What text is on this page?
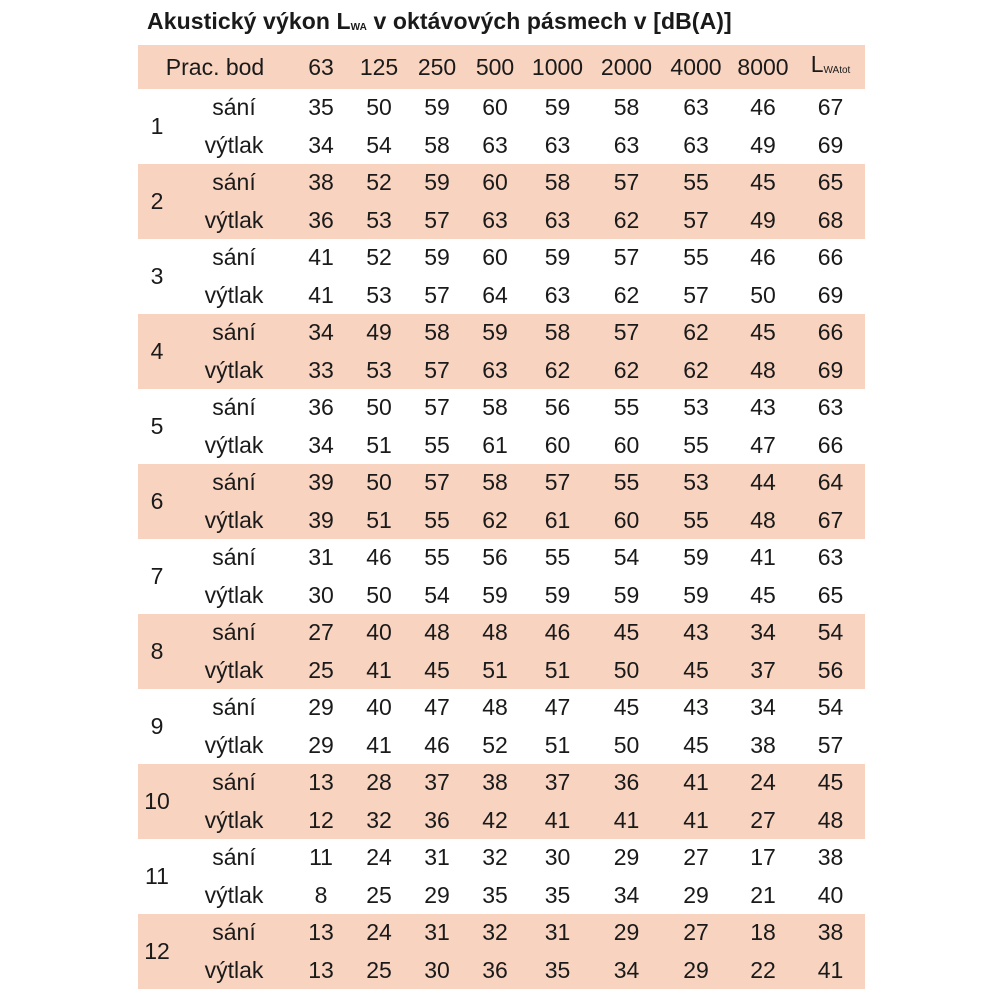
Akustický výkon $L_{WA}$ v oktávových pásmech v [dB(A)]
Prac. bod		63	125	250	500	1000	2000	4000	8000	$L_{WAtot}$
1	sání	35	50	59	60	59	58	63	46	67
	výtlak	34	54	58	63	63	63	63	49	69
2	sání	38	52	59	60	58	57	55	45	65
	výtlak	36	53	57	63	63	62	57	49	68
3	sání	41	52	59	60	59	57	55	46	66
	výtlak	41	53	57	64	63	62	57	50	69
4	sání	34	49	58	59	58	57	62	45	66
	výtlak	33	53	57	63	62	62	62	48	69
5	sání	36	50	57	58	56	55	53	43	63
	výtlak	34	51	55	61	60	60	55	47	66
6	sání	39	50	57	58	57	55	53	44	64
	výtlak	39	51	55	62	61	60	55	48	67
7	sání	31	46	55	56	55	54	59	41	63
	výtlak	30	50	54	59	59	59	59	45	65
8	sání	27	40	48	48	46	45	43	34	54
	výtlak	25	41	45	51	51	50	45	37	56
9	sání	29	40	47	48	47	45	43	34	54
	výtlak	29	41	46	52	51	50	45	38	57
10	sání	13	28	37	38	37	36	41	24	45
	výtlak	12	32	36	42	41	41	41	27	48
11	sání	11	24	31	32	30	29	27	17	38
	výtlak	8	25	29	35	35	34	29	21	40
12	sání	13	24	31	32	31	29	27	18	38
	výtlak	13	25	30	36	35	34	29	22	41
